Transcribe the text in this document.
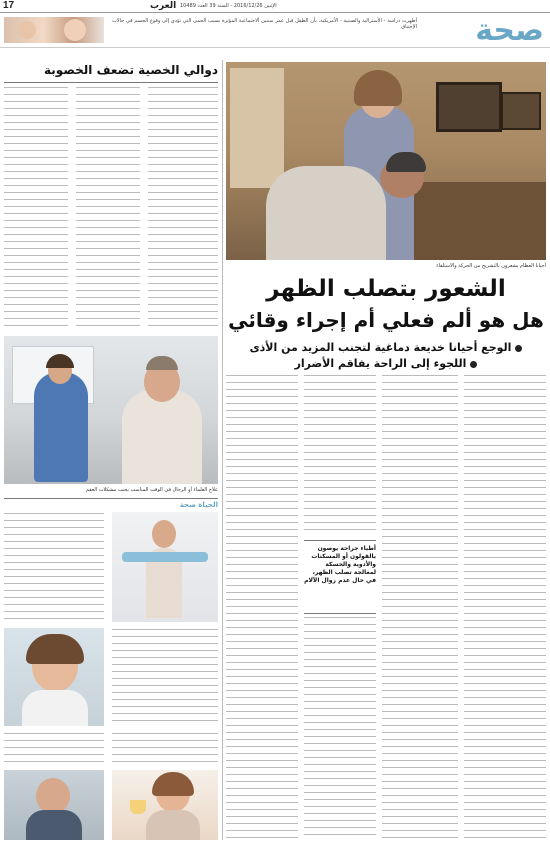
17	العرب الإثنين 2016/12/26 - السنة 39 العدد 10489
أظهرت دراسة - الأسترالية والصينية - الأمريكية، بأن الطفل قبل عمر سنتين ألاجتماعية المؤثرة بسبب الحمى التي تؤدي إلى وقوع الجسم في حالات الإختناق	صحة
دوالي الخصية تضعف الخصوبة
علاج العلماء أو الرجال في الوقت المناسب يجنب مشكلات العقم
أحيانا العظام يشعرون بالتشريح من الحركة والاستلقاء
الشعور بتصلب الظهر
هل هو ألم فعلي أم إجراء وقائي
الوجع أحيانا خديعة دماغية لتجنب المزيد من الأذى
اللجوء إلى الراحة يفاقم الأضرار
أطباء جراحة يوصون بالقولون أو المسكنات والأدوية والحسكة لمعالجة تصلب الظهر، في حال عدم زوال الآلام
الحياة صحة
